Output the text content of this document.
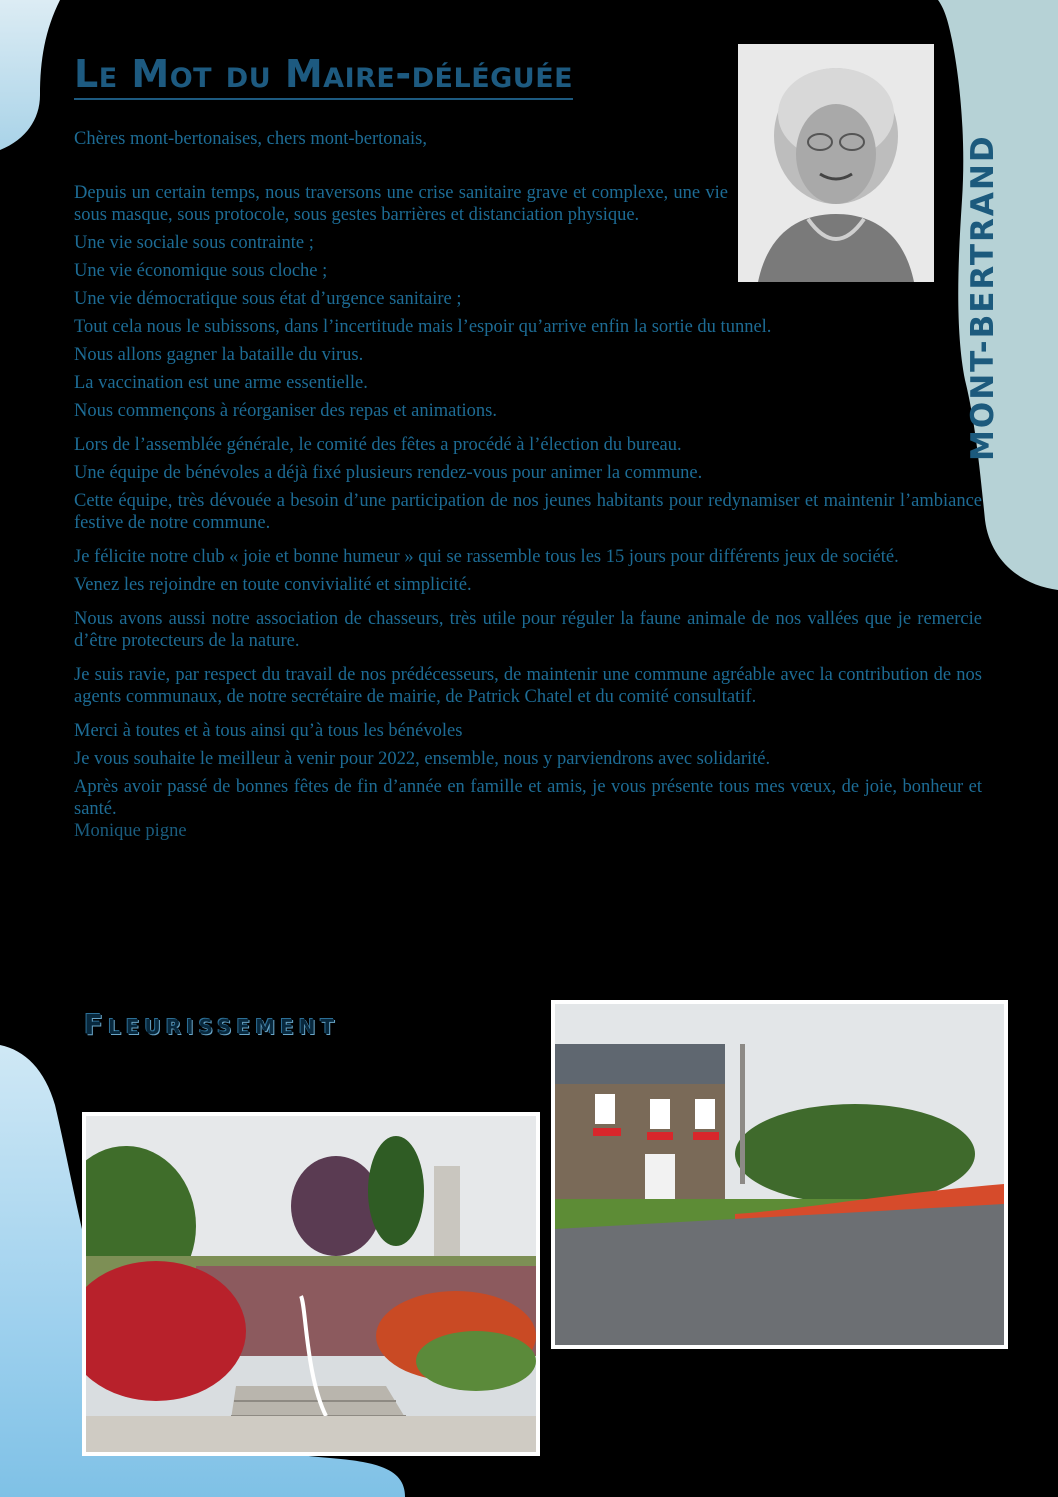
Le Mot du Maire-déléguée
MONT-BERTRAND

Chères mont-bertonaises, chers mont-bertonais,

Depuis un certain temps, nous traversons une crise sanitaire grave et complexe, une vie sous masque, sous protocole, sous gestes barrières et distanciation physique.

Une vie sociale sous contrainte ;

Une vie économique sous cloche ;

Une vie démocratique sous état d’urgence sanitaire ;

Tout cela nous le subissons, dans l’incertitude mais l’espoir qu’arrive enfin la sortie du tunnel.

Nous allons gagner la bataille du virus.

La vaccination est une arme essentielle.

Nous commençons à réorganiser des repas et animations.

Lors de l’assemblée générale, le comité des fêtes a procédé à l’élection du bureau.

Une équipe de bénévoles a déjà fixé plusieurs rendez-vous pour animer la commune.

Cette équipe, très dévouée a besoin d’une participation de nos jeunes habitants pour redynamiser et maintenir l’ambiance festive de notre commune.

Je félicite notre club « joie et bonne humeur » qui se rassemble tous les 15 jours pour différents jeux de société.

Venez les rejoindre en toute convivialité et simplicité.

Nous avons aussi notre association de chasseurs, très utile pour réguler la faune animale de nos vallées que je remercie d’être protecteurs de la nature.

Je suis ravie, par respect du travail de nos prédécesseurs, de maintenir une commune agréable avec la contribution de nos agents communaux, de notre secrétaire de mairie, de Patrick Chatel et du comité consultatif.

Merci à toutes et à tous ainsi qu’à tous les bénévoles

Je vous souhaite le meilleur à venir pour 2022, ensemble, nous y parviendrons avec solidarité.

Après avoir passé de bonnes fêtes de fin d’année en famille et amis, je vous présente tous mes vœux, de joie, bonheur et santé.

Monique pigne

Fleurissement
